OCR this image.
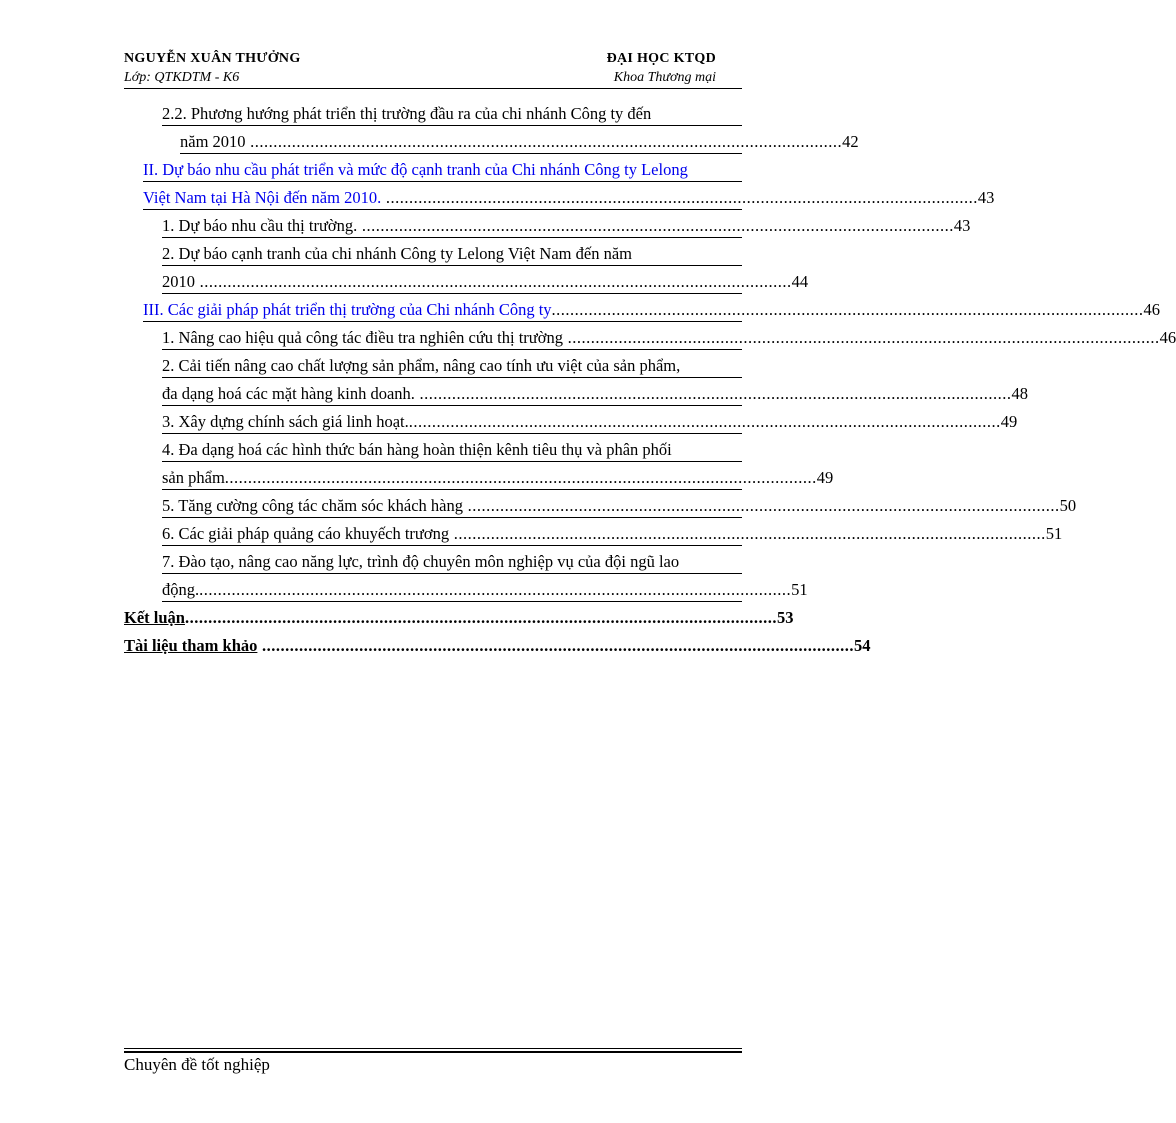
NGUYỄN XUÂN THƯỞNG	ĐẠI HỌC KTQD
Lớp: QTKDTM - K6	Khoa Thương mại
2.2. Phương hướng phát triển thị trường đầu ra của chi nhánh Công ty đến
năm 2010 ................................................................................................................................ 42
II. Dự báo nhu cầu phát triển và mức độ cạnh tranh của Chi nhánh Công ty Lelong
Việt Nam tại Hà Nội đến năm 2010. ................................................................................................................................ 43
1. Dự báo nhu cầu thị trường. ................................................................................................................................ 43
2. Dự báo cạnh tranh của chi nhánh Công ty Lelong Việt Nam đến năm
2010 ................................................................................................................................ 44
III. Các giải pháp phát triển thị trường của Chi nhánh Công ty ................................................................................................................................ 46
1. Nâng cao hiệu quả công tác điều tra nghiên cứu thị trường ................................................................................................................................ 46
2. Cải tiến nâng cao chất lượng sản phẩm, nâng cao tính ưu việt của sản phẩm,
đa dạng hoá các mặt hàng kinh doanh. ................................................................................................................................ 48
3. Xây dựng chính sách giá linh hoạt. ................................................................................................................................ 49
4. Đa dạng hoá các hình thức bán hàng hoàn thiện kênh tiêu thụ và phân phối
sản phẩm ................................................................................................................................ 49
5. Tăng cường công tác chăm sóc khách hàng ................................................................................................................................ 50
6. Các giải pháp quảng cáo khuyếch trương ................................................................................................................................ 51
7. Đào tạo, nâng cao năng lực, trình độ chuyên môn nghiệp vụ của đội ngũ lao
động. ................................................................................................................................ 51
Kết luận ................................................................................................................................ 53
Tài liệu tham khảo ................................................................................................................................ 54
Chuyên đề tốt nghiệp
